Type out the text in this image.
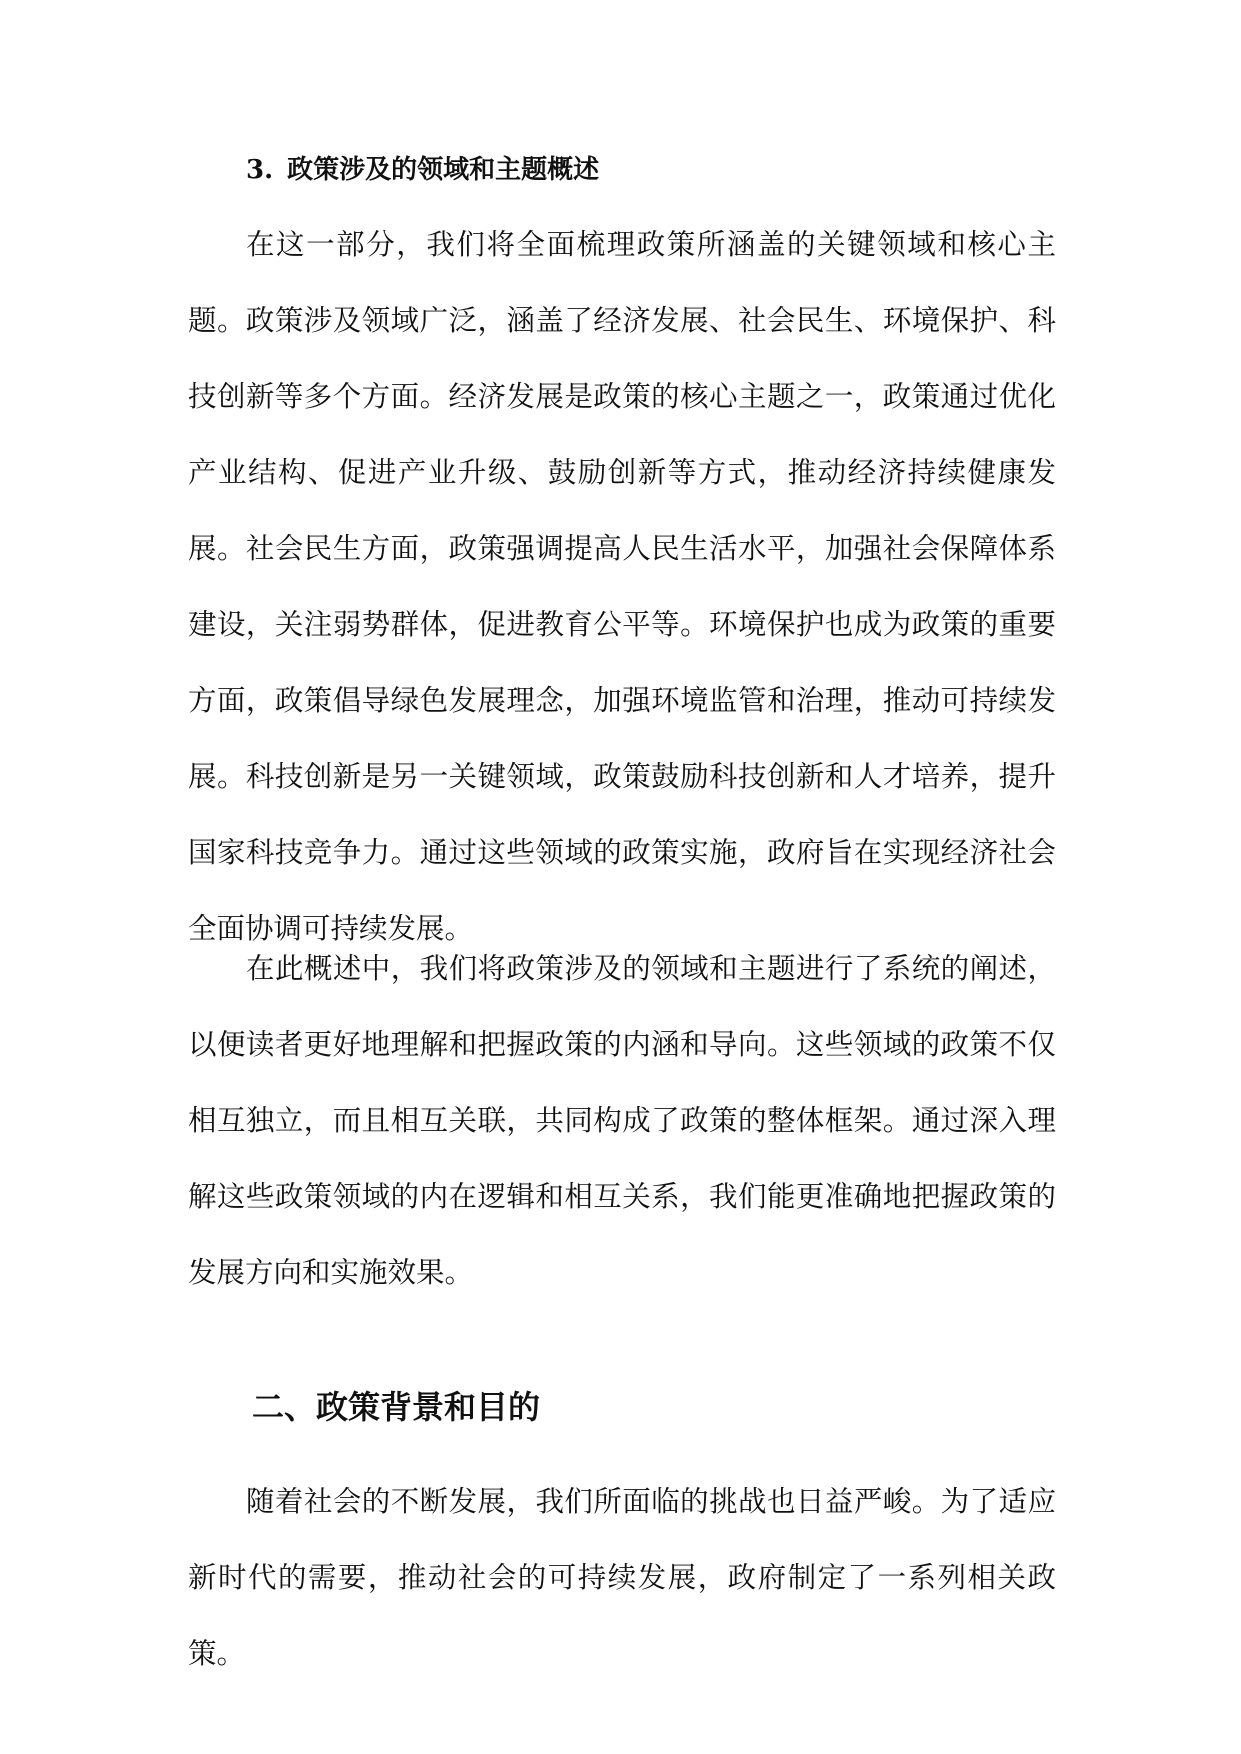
3. 政策涉及的领域和主题概述

在这一部分，我们将全面梳理政策所涵盖的关键领域和核心主题。政策涉及领域广泛，涵盖了经济发展、社会民生、环境保护、科技创新等多个方面。经济发展是政策的核心主题之一，政策通过优化产业结构、促进产业升级、鼓励创新等方式，推动经济持续健康发展。社会民生方面，政策强调提高人民生活水平，加强社会保障体系建设，关注弱势群体，促进教育公平等。环境保护也成为政策的重要方面，政策倡导绿色发展理念，加强环境监管和治理，推动可持续发展。科技创新是另一关键领域，政策鼓励科技创新和人才培养，提升国家科技竞争力。通过这些领域的政策实施，政府旨在实现经济社会全面协调可持续发展。

在此概述中，我们将政策涉及的领域和主题进行了系统的阐述，以便读者更好地理解和把握政策的内涵和导向。这些领域的政策不仅相互独立，而且相互关联，共同构成了政策的整体框架。通过深入理解这些政策领域的内在逻辑和相互关系，我们能更准确地把握政策的发展方向和实施效果。

二、政策背景和目的

随着社会的不断发展，我们所面临的挑战也日益严峻。为了适应新时代的需要，推动社会的可持续发展，政府制定了一系列相关政策。
